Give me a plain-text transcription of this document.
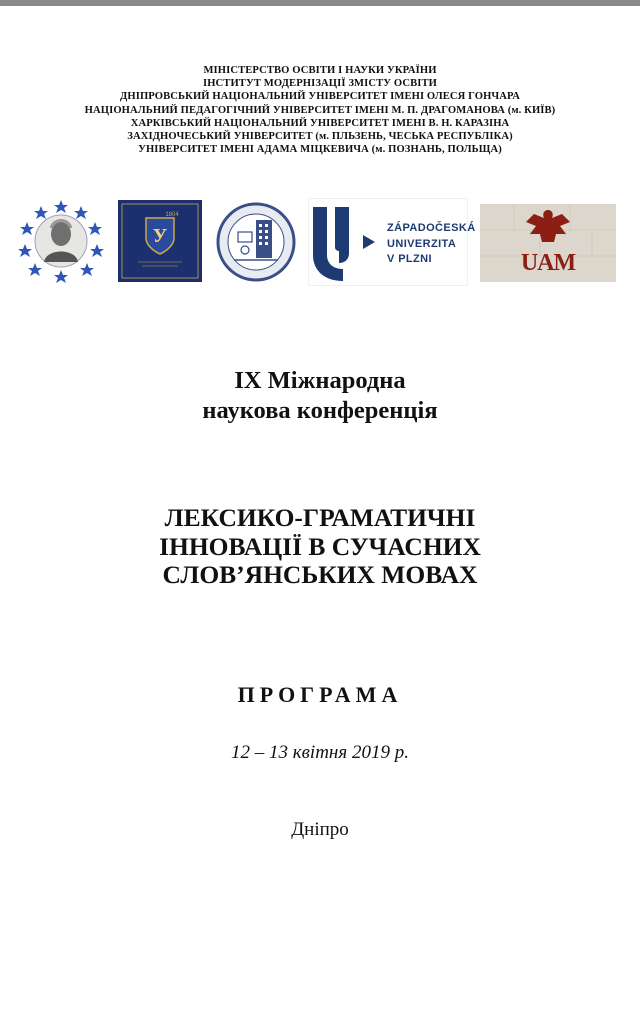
МІНІСТЕРСТВО ОСВІТИ І НАУКИ УКРАЇНИ
ІНСТИТУТ МОДЕРНІЗАЦІЇ ЗМІСТУ ОСВІТИ
ДНІПРОВСЬКИЙ НАЦІОНАЛЬНИЙ УНІВЕРСИТЕТ ІМЕНІ ОЛЕСЯ ГОНЧАРА
НАЦІОНАЛЬНИЙ ПЕДАГОГІЧНИЙ УНІВЕРСИТЕТ ІМЕНІ М. П. ДРАГОМАНОВА (м. КИЇВ)
ХАРКІВСЬКИЙ НАЦІОНАЛЬНИЙ УНІВЕРСИТЕТ ІМЕНІ В. Н. КАРАЗІНА
ЗАХІДНОЧЕСЬКИЙ УНІВЕРСИТЕТ (м. ПЛЬЗЕНЬ, ЧЕСЬКА РЕСПУБЛІКА)
УНІВЕРСИТЕТ ІМЕНІ АДАМА МІЦКЕВИЧА (м. ПОЗНАНЬ, ПОЛЬЩА)
У
1804
ZÁPADOČESKÁ
UNIVERZITA
V PLZNI	UAM
ІХ Міжнародна
наукова конференція
ЛЕКСИКО-ГРАМАТИЧНІ
ІННОВАЦІЇ В СУЧАСНИХ
СЛОВ’ЯНСЬКИХ МОВАХ
ПРОГРАМА
12 – 13 квітня 2019 р.
Дніпро
